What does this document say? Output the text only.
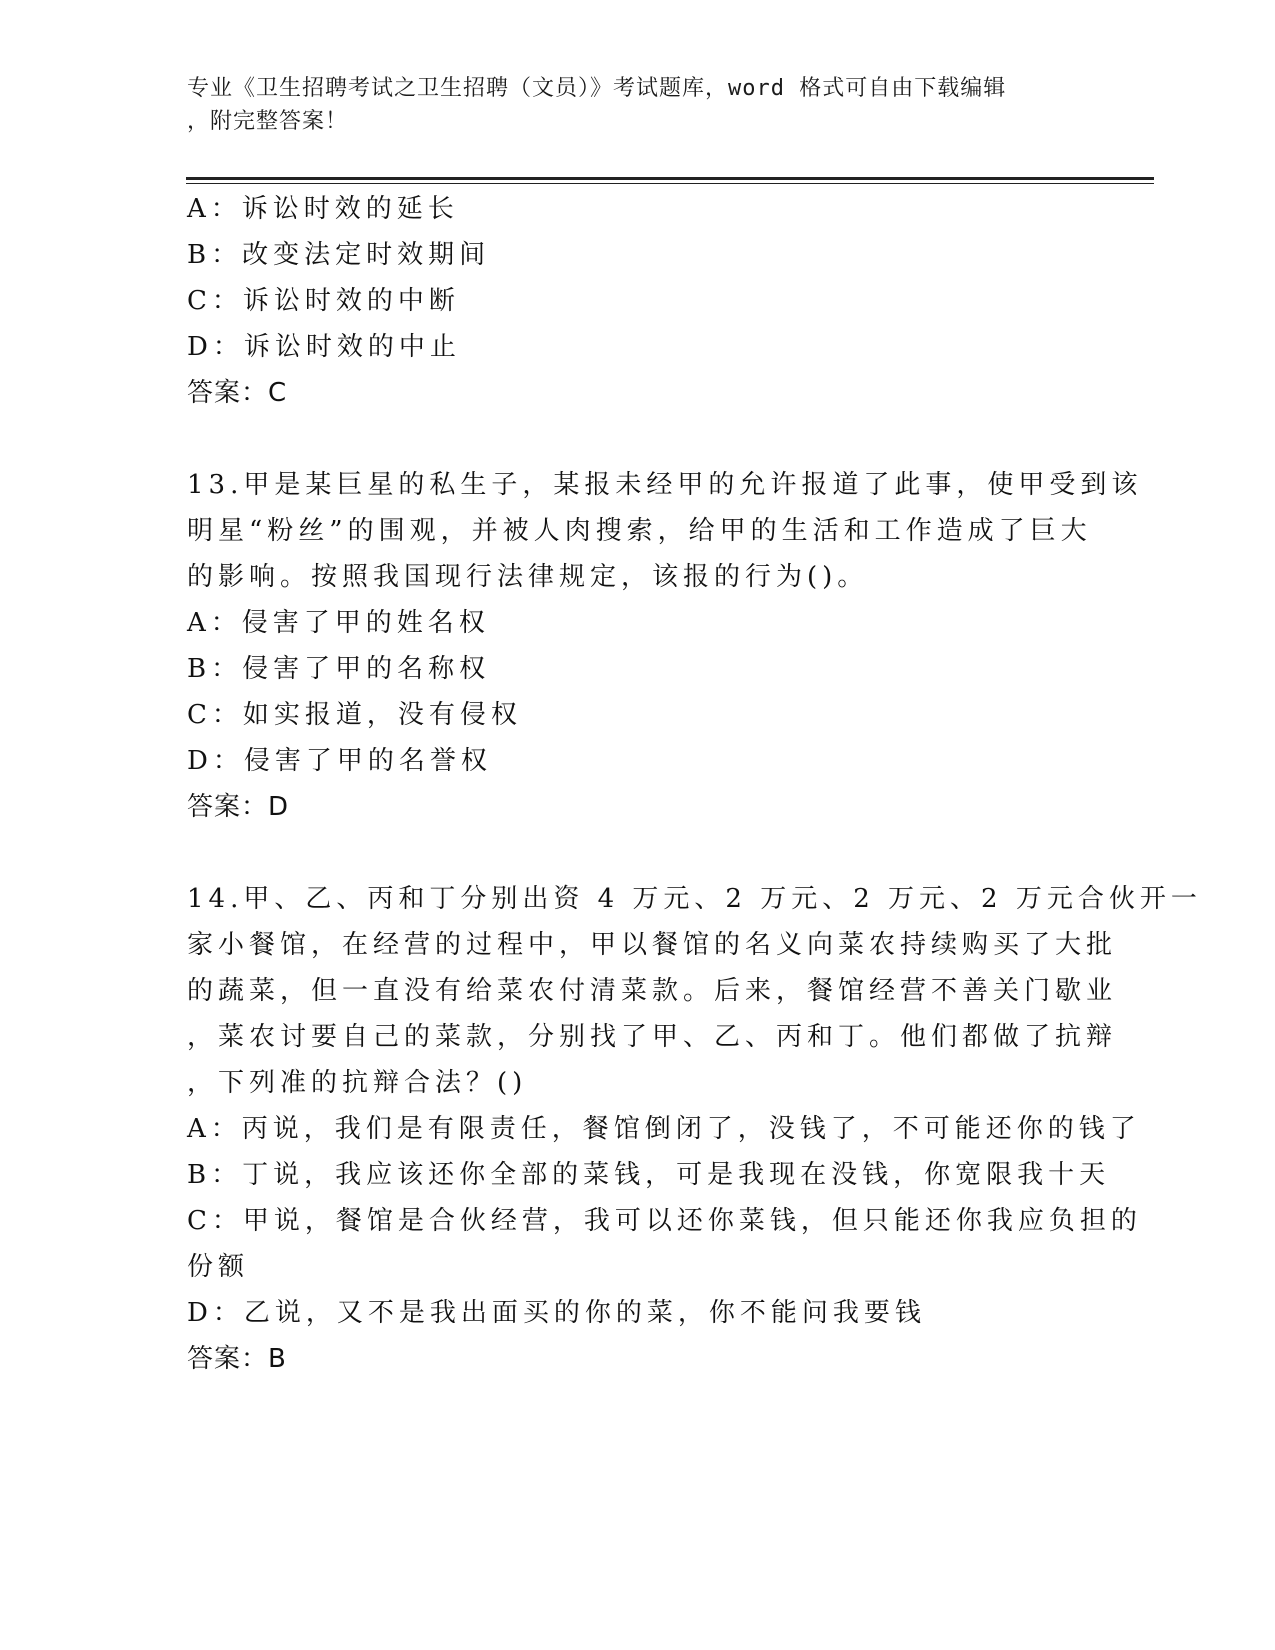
专业《卫生招聘考试之卫生招聘（文员）》考试题库，word 格式可自由下载编辑
，附完整答案！

A：诉讼时效的延长

B：改变法定时效期间

C：诉讼时效的中断

D：诉讼时效的中止

答案：C

13.甲是某巨星的私生子，某报未经甲的允许报道了此事，使甲受到该

明星“粉丝”的围观，并被人肉搜索，给甲的生活和工作造成了巨大

的影响。按照我国现行法律规定，该报的行为()。

A：侵害了甲的姓名权

B：侵害了甲的名称权

C：如实报道，没有侵权

D：侵害了甲的名誉权

答案：D

14.甲、乙、丙和丁分别出资 4 万元、2 万元、2 万元、2 万元合伙开一

家小餐馆，在经营的过程中，甲以餐馆的名义向菜农持续购买了大批

的蔬菜，但一直没有给菜农付清菜款。后来，餐馆经营不善关门歇业

，菜农讨要自己的菜款，分别找了甲、乙、丙和丁。他们都做了抗辩

，下列准的抗辩合法？()

A：丙说，我们是有限责任，餐馆倒闭了，没钱了，不可能还你的钱了

B：丁说，我应该还你全部的菜钱，可是我现在没钱，你宽限我十天

C：甲说，餐馆是合伙经营，我可以还你菜钱，但只能还你我应负担的

份额

D：乙说，又不是我出面买的你的菜，你不能问我要钱

答案：B
